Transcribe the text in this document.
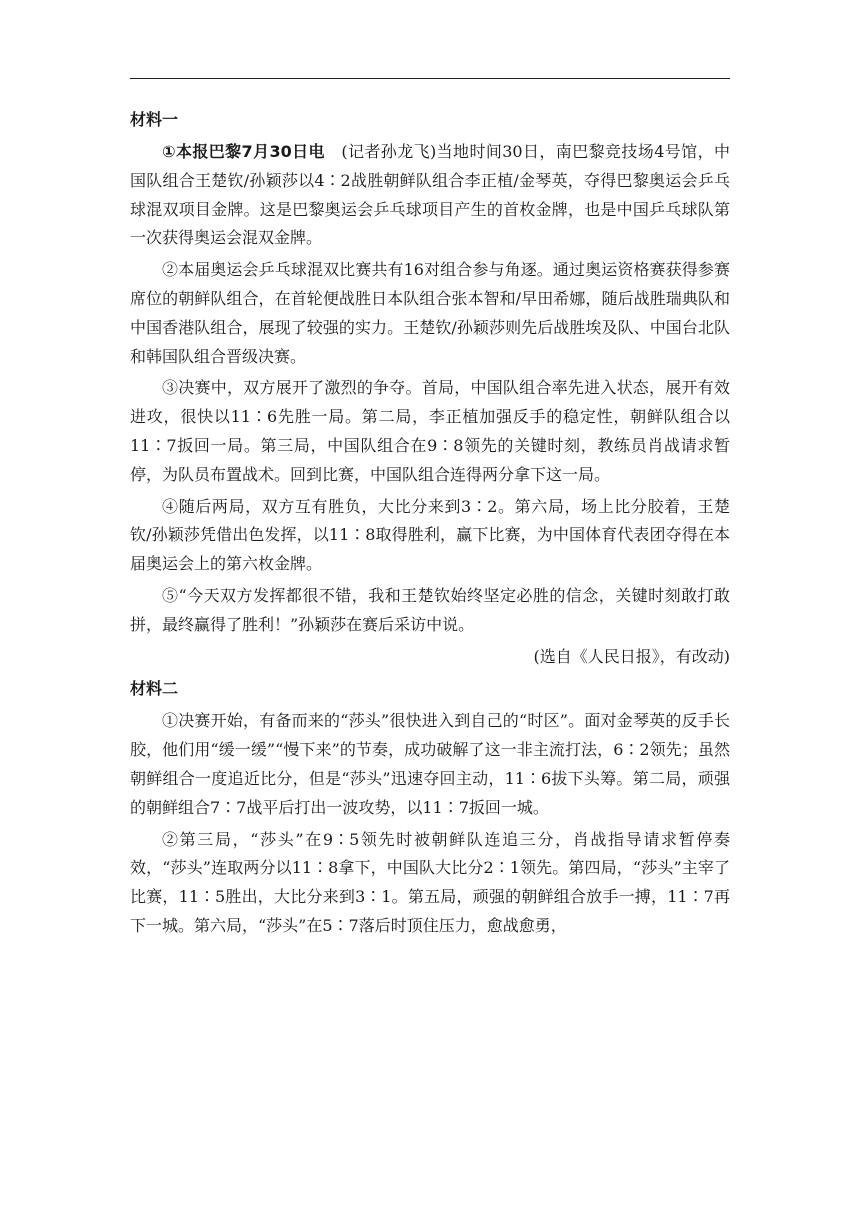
材料一

①本报巴黎7月30日电　(记者孙龙飞)当地时间30日，南巴黎竞技场4号馆，中国队组合王楚钦/孙颖莎以4∶2战胜朝鲜队组合李正植/金琴英，夺得巴黎奥运会乒乓球混双项目金牌。这是巴黎奥运会乒乓球项目产生的首枚金牌，也是中国乒乓球队第一次获得奥运会混双金牌。

②本届奥运会乒乓球混双比赛共有16对组合参与角逐。通过奥运资格赛获得参赛席位的朝鲜队组合，在首轮便战胜日本队组合张本智和/早田希娜，随后战胜瑞典队和中国香港队组合，展现了较强的实力。王楚钦/孙颖莎则先后战胜埃及队、中国台北队和韩国队组合晋级决赛。

③决赛中，双方展开了激烈的争夺。首局，中国队组合率先进入状态，展开有效进攻，很快以11∶6先胜一局。第二局，李正植加强反手的稳定性，朝鲜队组合以11∶7扳回一局。第三局，中国队组合在9∶8领先的关键时刻，教练员肖战请求暂停，为队员布置战术。回到比赛，中国队组合连得两分拿下这一局。

④随后两局，双方互有胜负，大比分来到3∶2。第六局，场上比分胶着，王楚钦/孙颖莎凭借出色发挥，以11∶8取得胜利，赢下比赛，为中国体育代表团夺得在本届奥运会上的第六枚金牌。

⑤“今天双方发挥都很不错，我和王楚钦始终坚定必胜的信念，关键时刻敢打敢拼，最终赢得了胜利！”孙颖莎在赛后采访中说。

(选自《人民日报》，有改动)

材料二

①决赛开始，有备而来的“莎头”很快进入到自己的“时区”。面对金琴英的反手长胶，他们用“缓一缓”“慢下来”的节奏，成功破解了这一非主流打法，6∶2领先；虽然朝鲜组合一度追近比分，但是“莎头”迅速夺回主动，11∶6拔下头筹。第二局，顽强的朝鲜组合7∶7战平后打出一波攻势，以11∶7扳回一城。

②第三局，“莎头”在9∶5领先时被朝鲜队连追三分，肖战指导请求暂停奏效，“莎头”连取两分以11∶8拿下，中国队大比分2∶1领先。第四局，“莎头”主宰了比赛，11∶5胜出，大比分来到3∶1。第五局，顽强的朝鲜组合放手一搏，11∶7再下一城。第六局，“莎头”在5∶7落后时顶住压力，愈战愈勇，
